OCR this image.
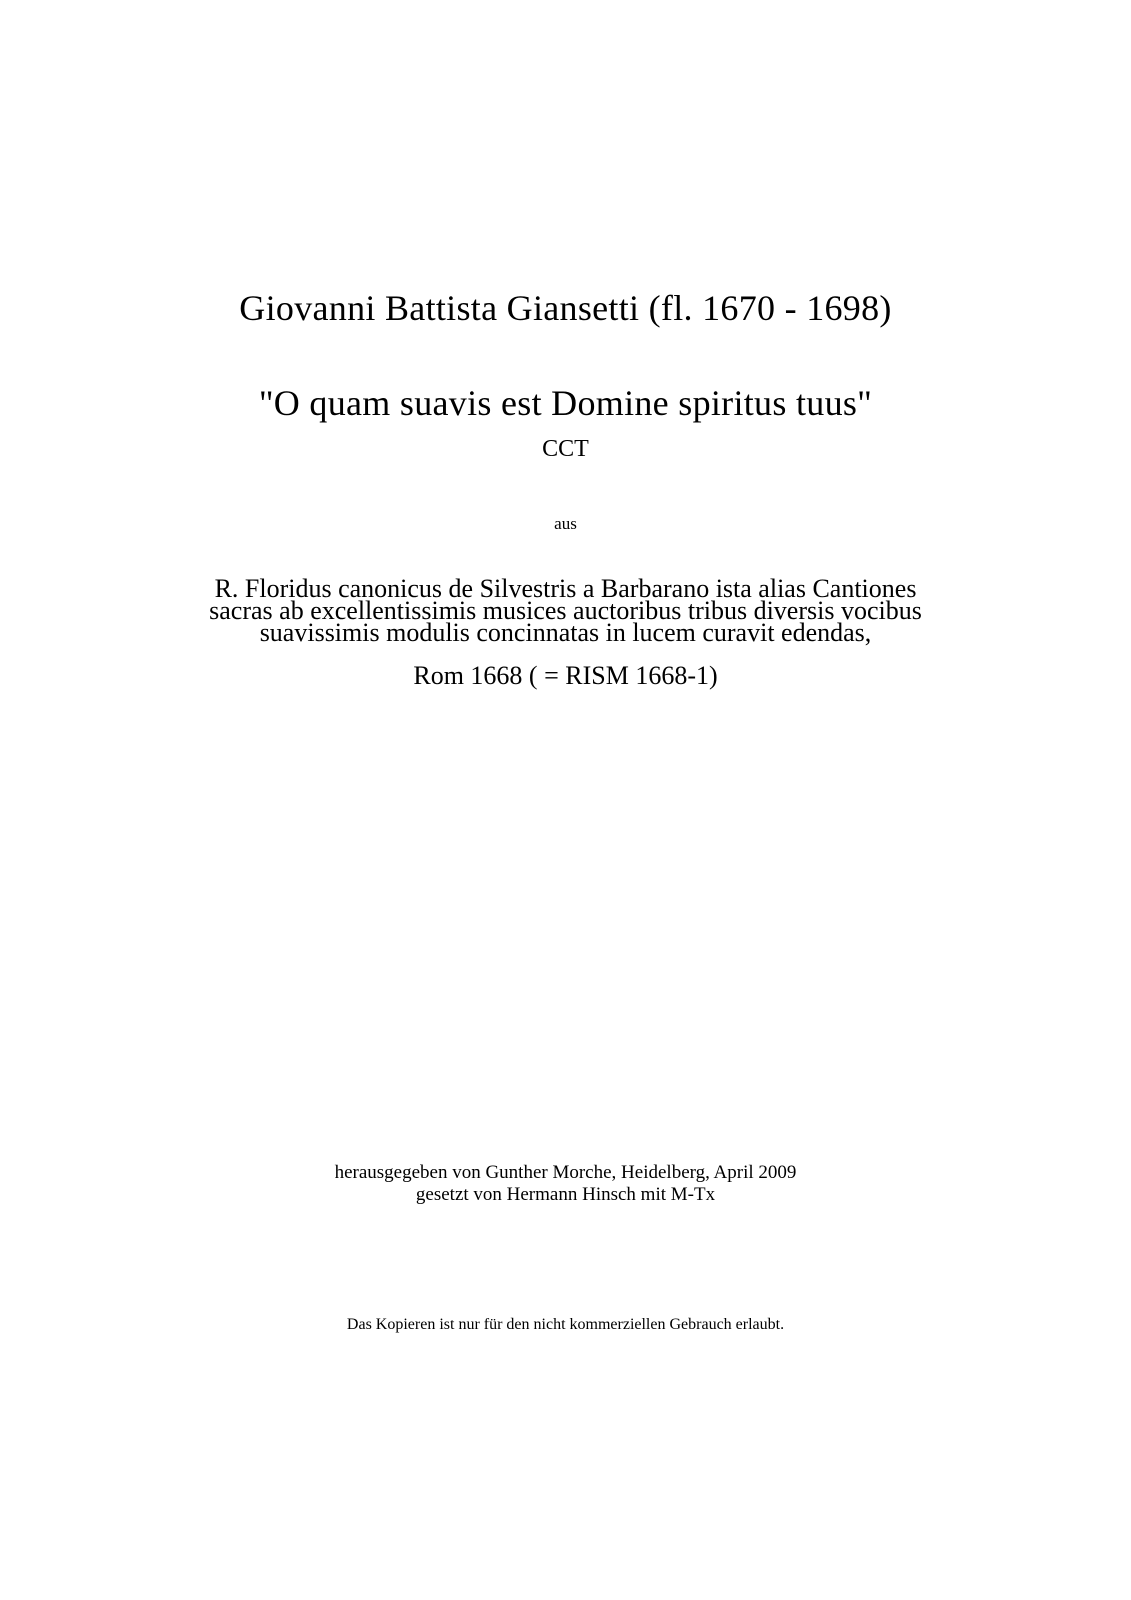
Giovanni Battista Giansetti (fl. 1670 - 1698)
"O quam suavis est Domine spiritus tuus"
CCT
aus
R. Floridus canonicus de Silvestris a Barbarano ista alias Cantiones
sacras ab excellentissimis musices auctoribus tribus diversis vocibus
suavissimis modulis concinnatas in lucem curavit edendas,
Rom 1668 ( = RISM 1668-1)
herausgegeben von Gunther Morche, Heidelberg, April 2009
gesetzt von Hermann Hinsch mit M-Tx
Das Kopieren ist nur für den nicht kommerziellen Gebrauch erlaubt.
